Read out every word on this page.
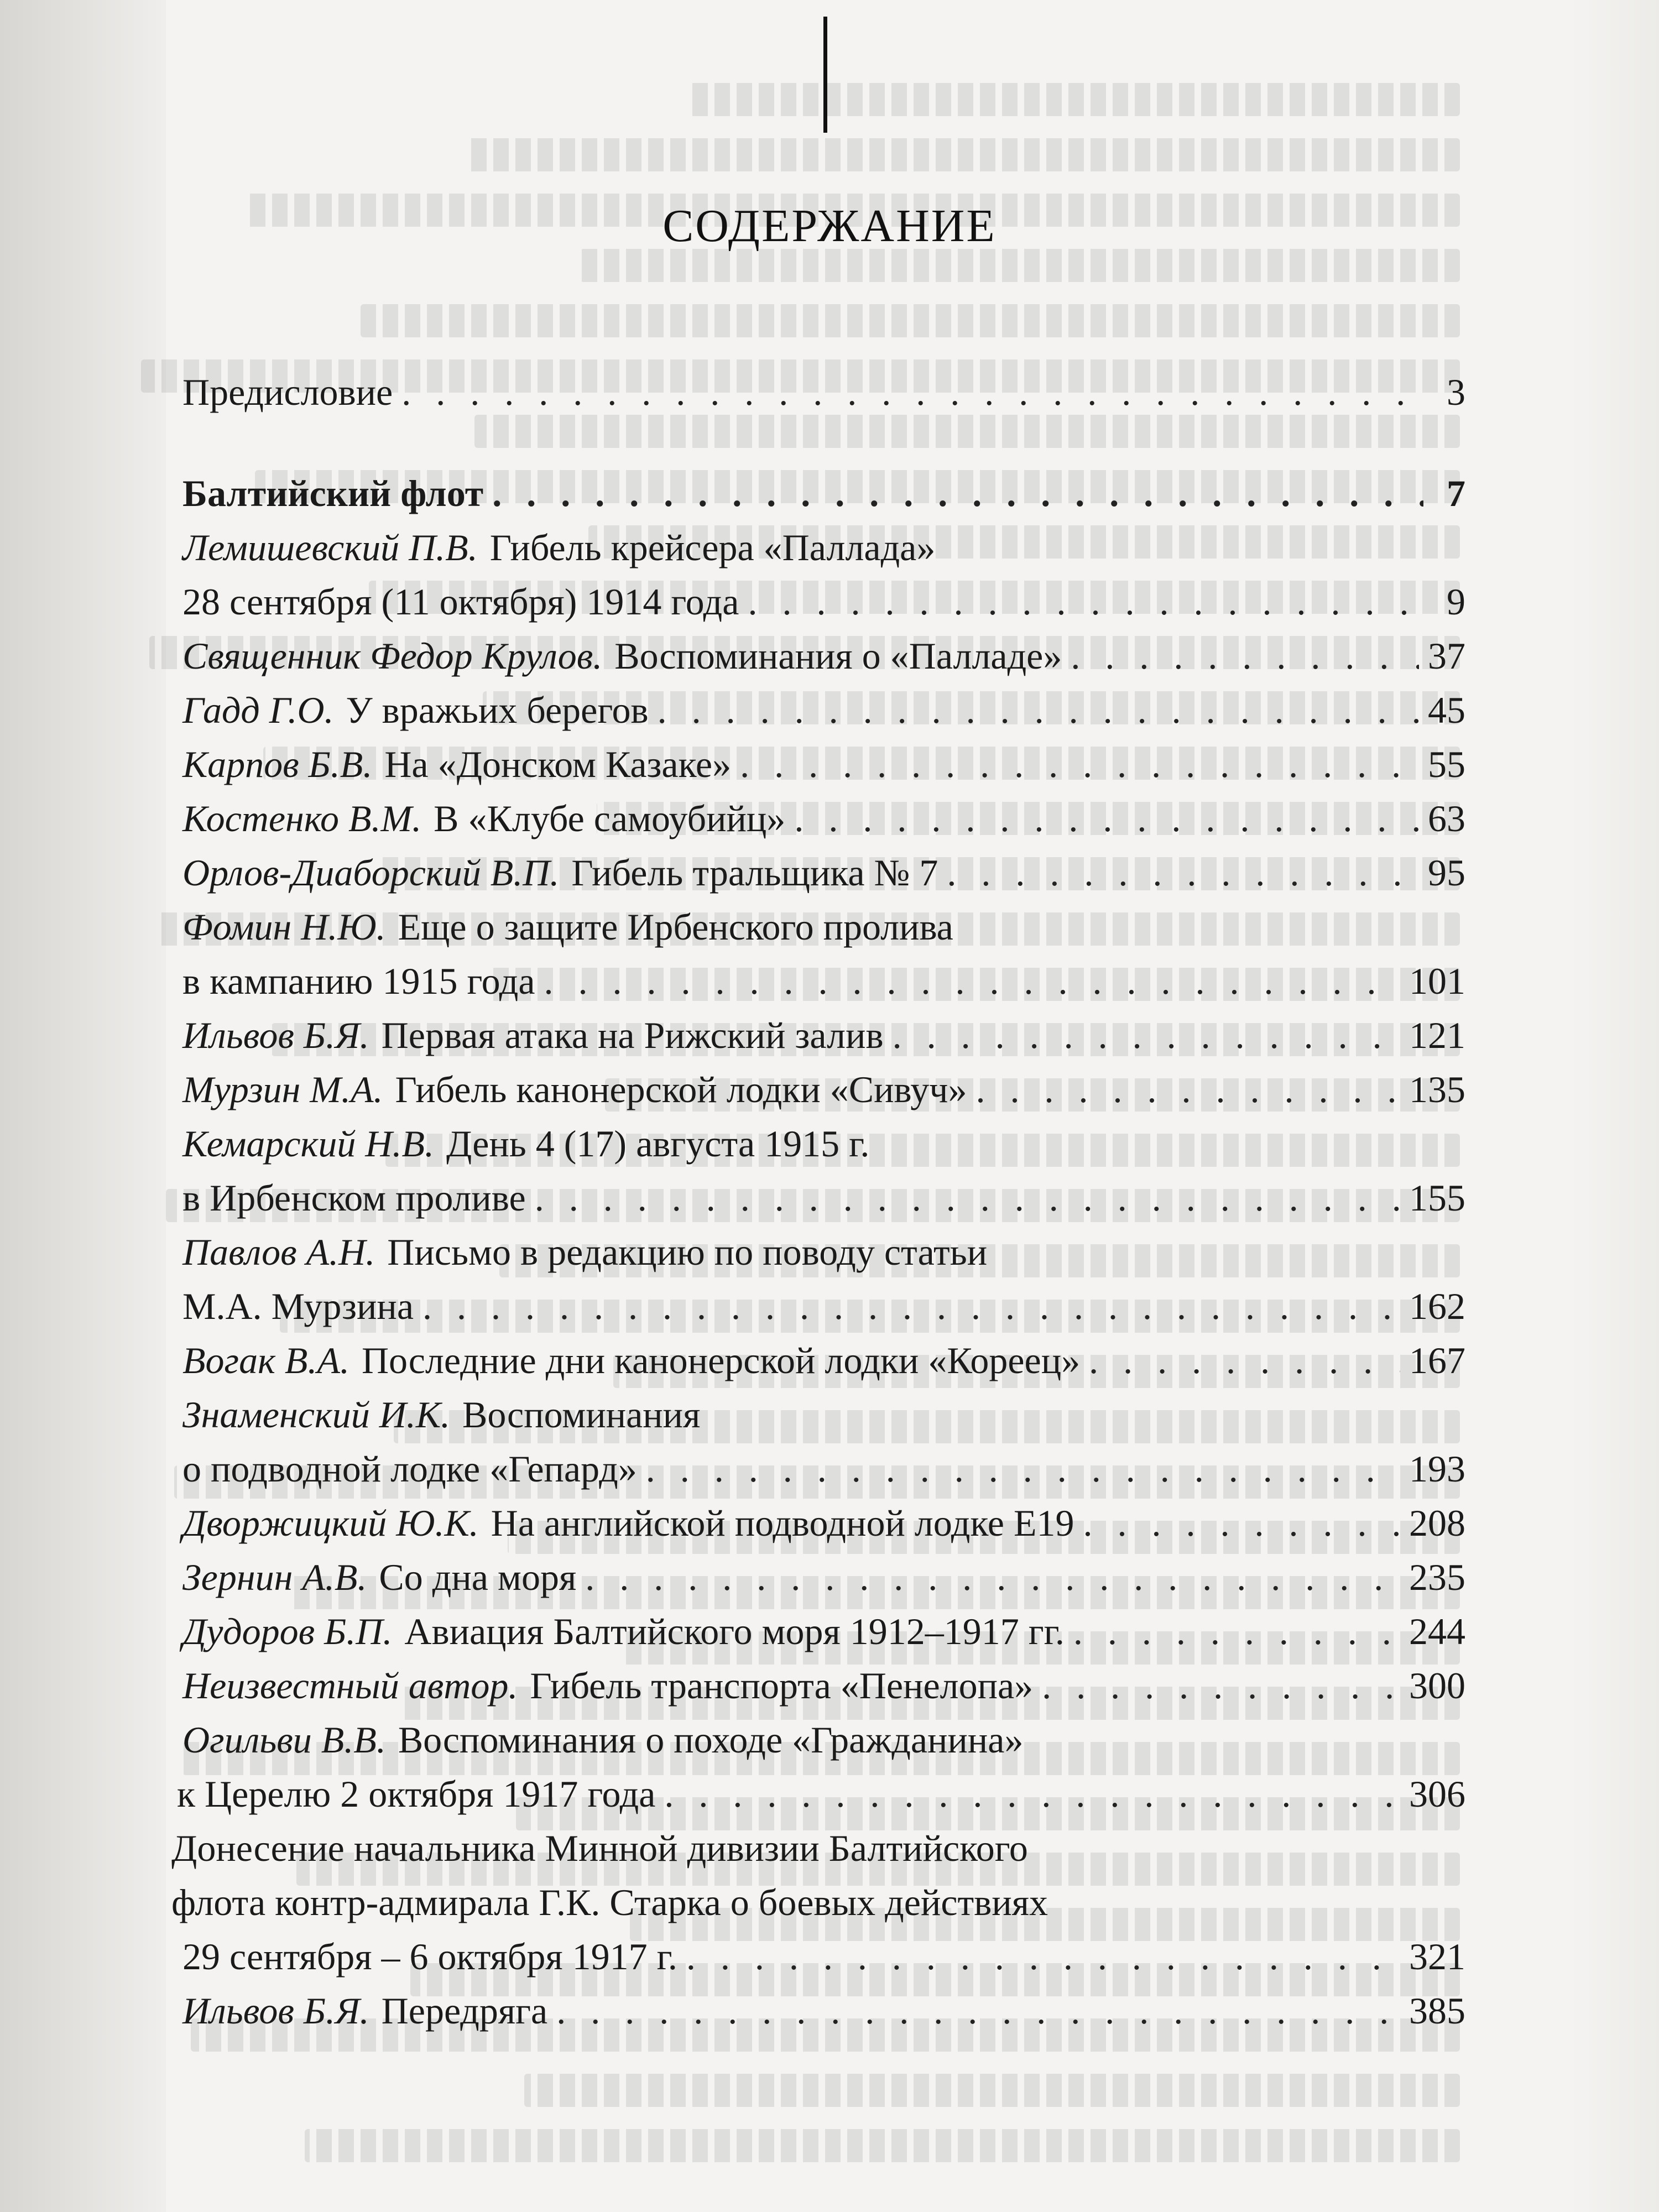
СОДЕРЖАНИЕ
Предисловие . . .	3
Балтийский флот . . .	7
Лемишевский П.В. Гибель крейсера «Паллада»
28 сентября (11 октября) 1914 года . . .	9
Священник Федор Крулов. Воспоминания о «Палладе» . . .	37
Гадд Г.О. У вражьих берегов . . .	45
Карпов Б.В. На «Донском Казаке» . . .	55
Костенко В.М. В «Клубе самоубийц» . . .	63
Орлов-Диаборский В.П. Гибель тральщика № 7 . . .	95
Фомин Н.Ю. Еще о защите Ирбенского пролива
в кампанию 1915 года . . .	101
Ильвов Б.Я. Первая атака на Рижский залив . . .	121
Мурзин М.А. Гибель канонерской лодки «Сивуч» . . .	135
Кемарский Н.В. День 4 (17) августа 1915 г.
в Ирбенском проливе . . .	155
Павлов А.Н. Письмо в редакцию по поводу статьи
М.А. Мурзина . . .	162
Вогак В.А. Последние дни канонерской лодки «Кореец» . . .	167
Знаменский И.К. Воспоминания
о подводной лодке «Гепард» . . .	193
Дворжицкий Ю.К. На английской подводной лодке Е19 . . .	208
Зернин А.В. Со дна моря . . .	235
Дудоров Б.П. Авиация Балтийского моря 1912–1917 гг. . . .	244
Неизвестный автор. Гибель транспорта «Пенелопа» . . .	300
Огильви В.В. Воспоминания о походе «Гражданина»
к Церелю 2 октября 1917 года . . .	306
Донесение начальника Минной дивизии Балтийского
флота контр-адмирала Г.К. Старка о боевых действиях
29 сентября – 6 октября 1917 г. . . .	321
Ильвов Б.Я. Передряга . . .	385
